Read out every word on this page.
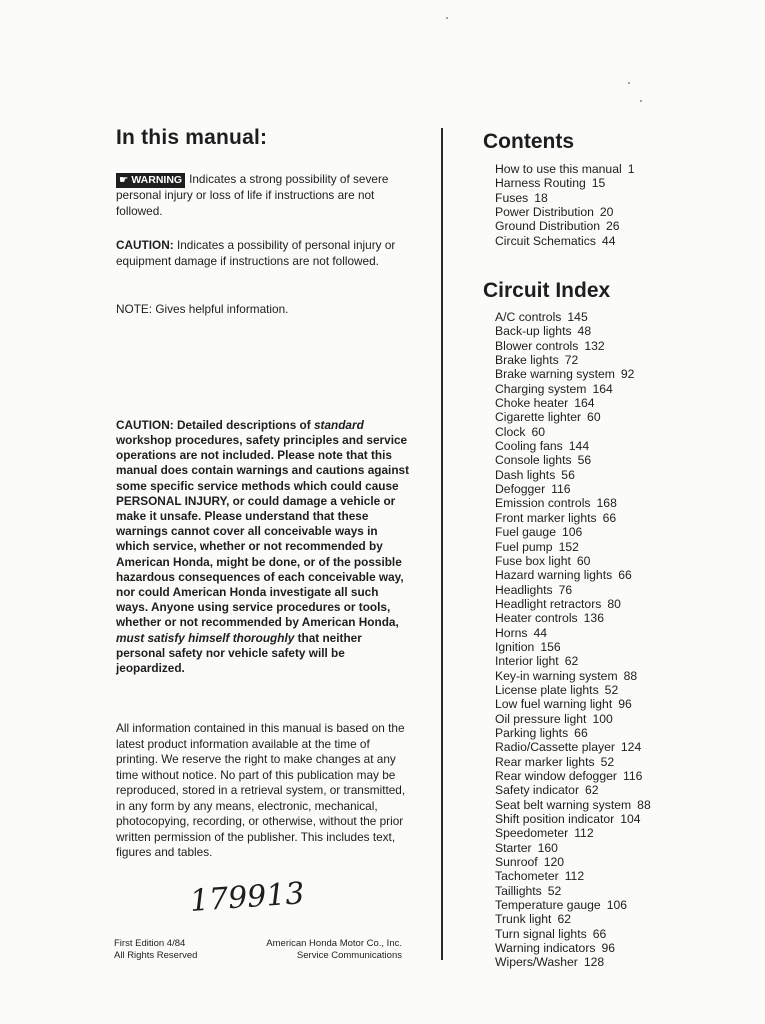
In this manual:

☛ WARNING Indicates a strong possibility of severe personal injury or loss of life if instructions are not followed.

CAUTION: Indicates a possibility of personal injury or equipment damage if instructions are not followed.

NOTE: Gives helpful information.

CAUTION: Detailed descriptions of standard workshop procedures, safety principles and service operations are not included. Please note that this manual does contain warnings and cautions against some specific service methods which could cause PERSONAL INJURY, or could damage a vehicle or make it unsafe. Please understand that these warnings cannot cover all conceivable ways in which service, whether or not recommended by American Honda, might be done, or of the possible hazardous consequences of each conceivable way, nor could American Honda investigate all such ways. Anyone using service procedures or tools, whether or not recommended by American Honda, must satisfy himself thoroughly that neither personal safety nor vehicle safety will be jeopardized.

All information contained in this manual is based on the latest product information available at the time of printing. We reserve the right to make changes at any time without notice. No part of this publication may be reproduced, stored in a retrieval system, or transmitted, in any form by any means, electronic, mechanical, photocopying, recording, or otherwise, without the prior written permission of the publisher. This includes text, figures and tables.

179913
First Edition 4/84
All Rights Reserved
American Honda Motor Co., Inc.
Service Communications
Contents
How to use this manual 1
Harness Routing 15
Fuses 18
Power Distribution 20
Ground Distribution 26
Circuit Schematics 44
Circuit Index
A/C controls 145
Back-up lights 48
Blower controls 132
Brake lights 72
Brake warning system 92
Charging system 164
Choke heater 164
Cigarette lighter 60
Clock 60
Cooling fans 144
Console lights 56
Dash lights 56
Defogger 116
Emission controls 168
Front marker lights 66
Fuel gauge 106
Fuel pump 152
Fuse box light 60
Hazard warning lights 66
Headlights 76
Headlight retractors 80
Heater controls 136
Horns 44
Ignition 156
Interior light 62
Key-in warning system 88
License plate lights 52
Low fuel warning light 96
Oil pressure light 100
Parking lights 66
Radio/Cassette player 124
Rear marker lights 52
Rear window defogger 116
Safety indicator 62
Seat belt warning system 88
Shift position indicator 104
Speedometer 112
Starter 160
Sunroof 120
Tachometer 112
Taillights 52
Temperature gauge 106
Trunk light 62
Turn signal lights 66
Warning indicators 96
Wipers/Washer 128
